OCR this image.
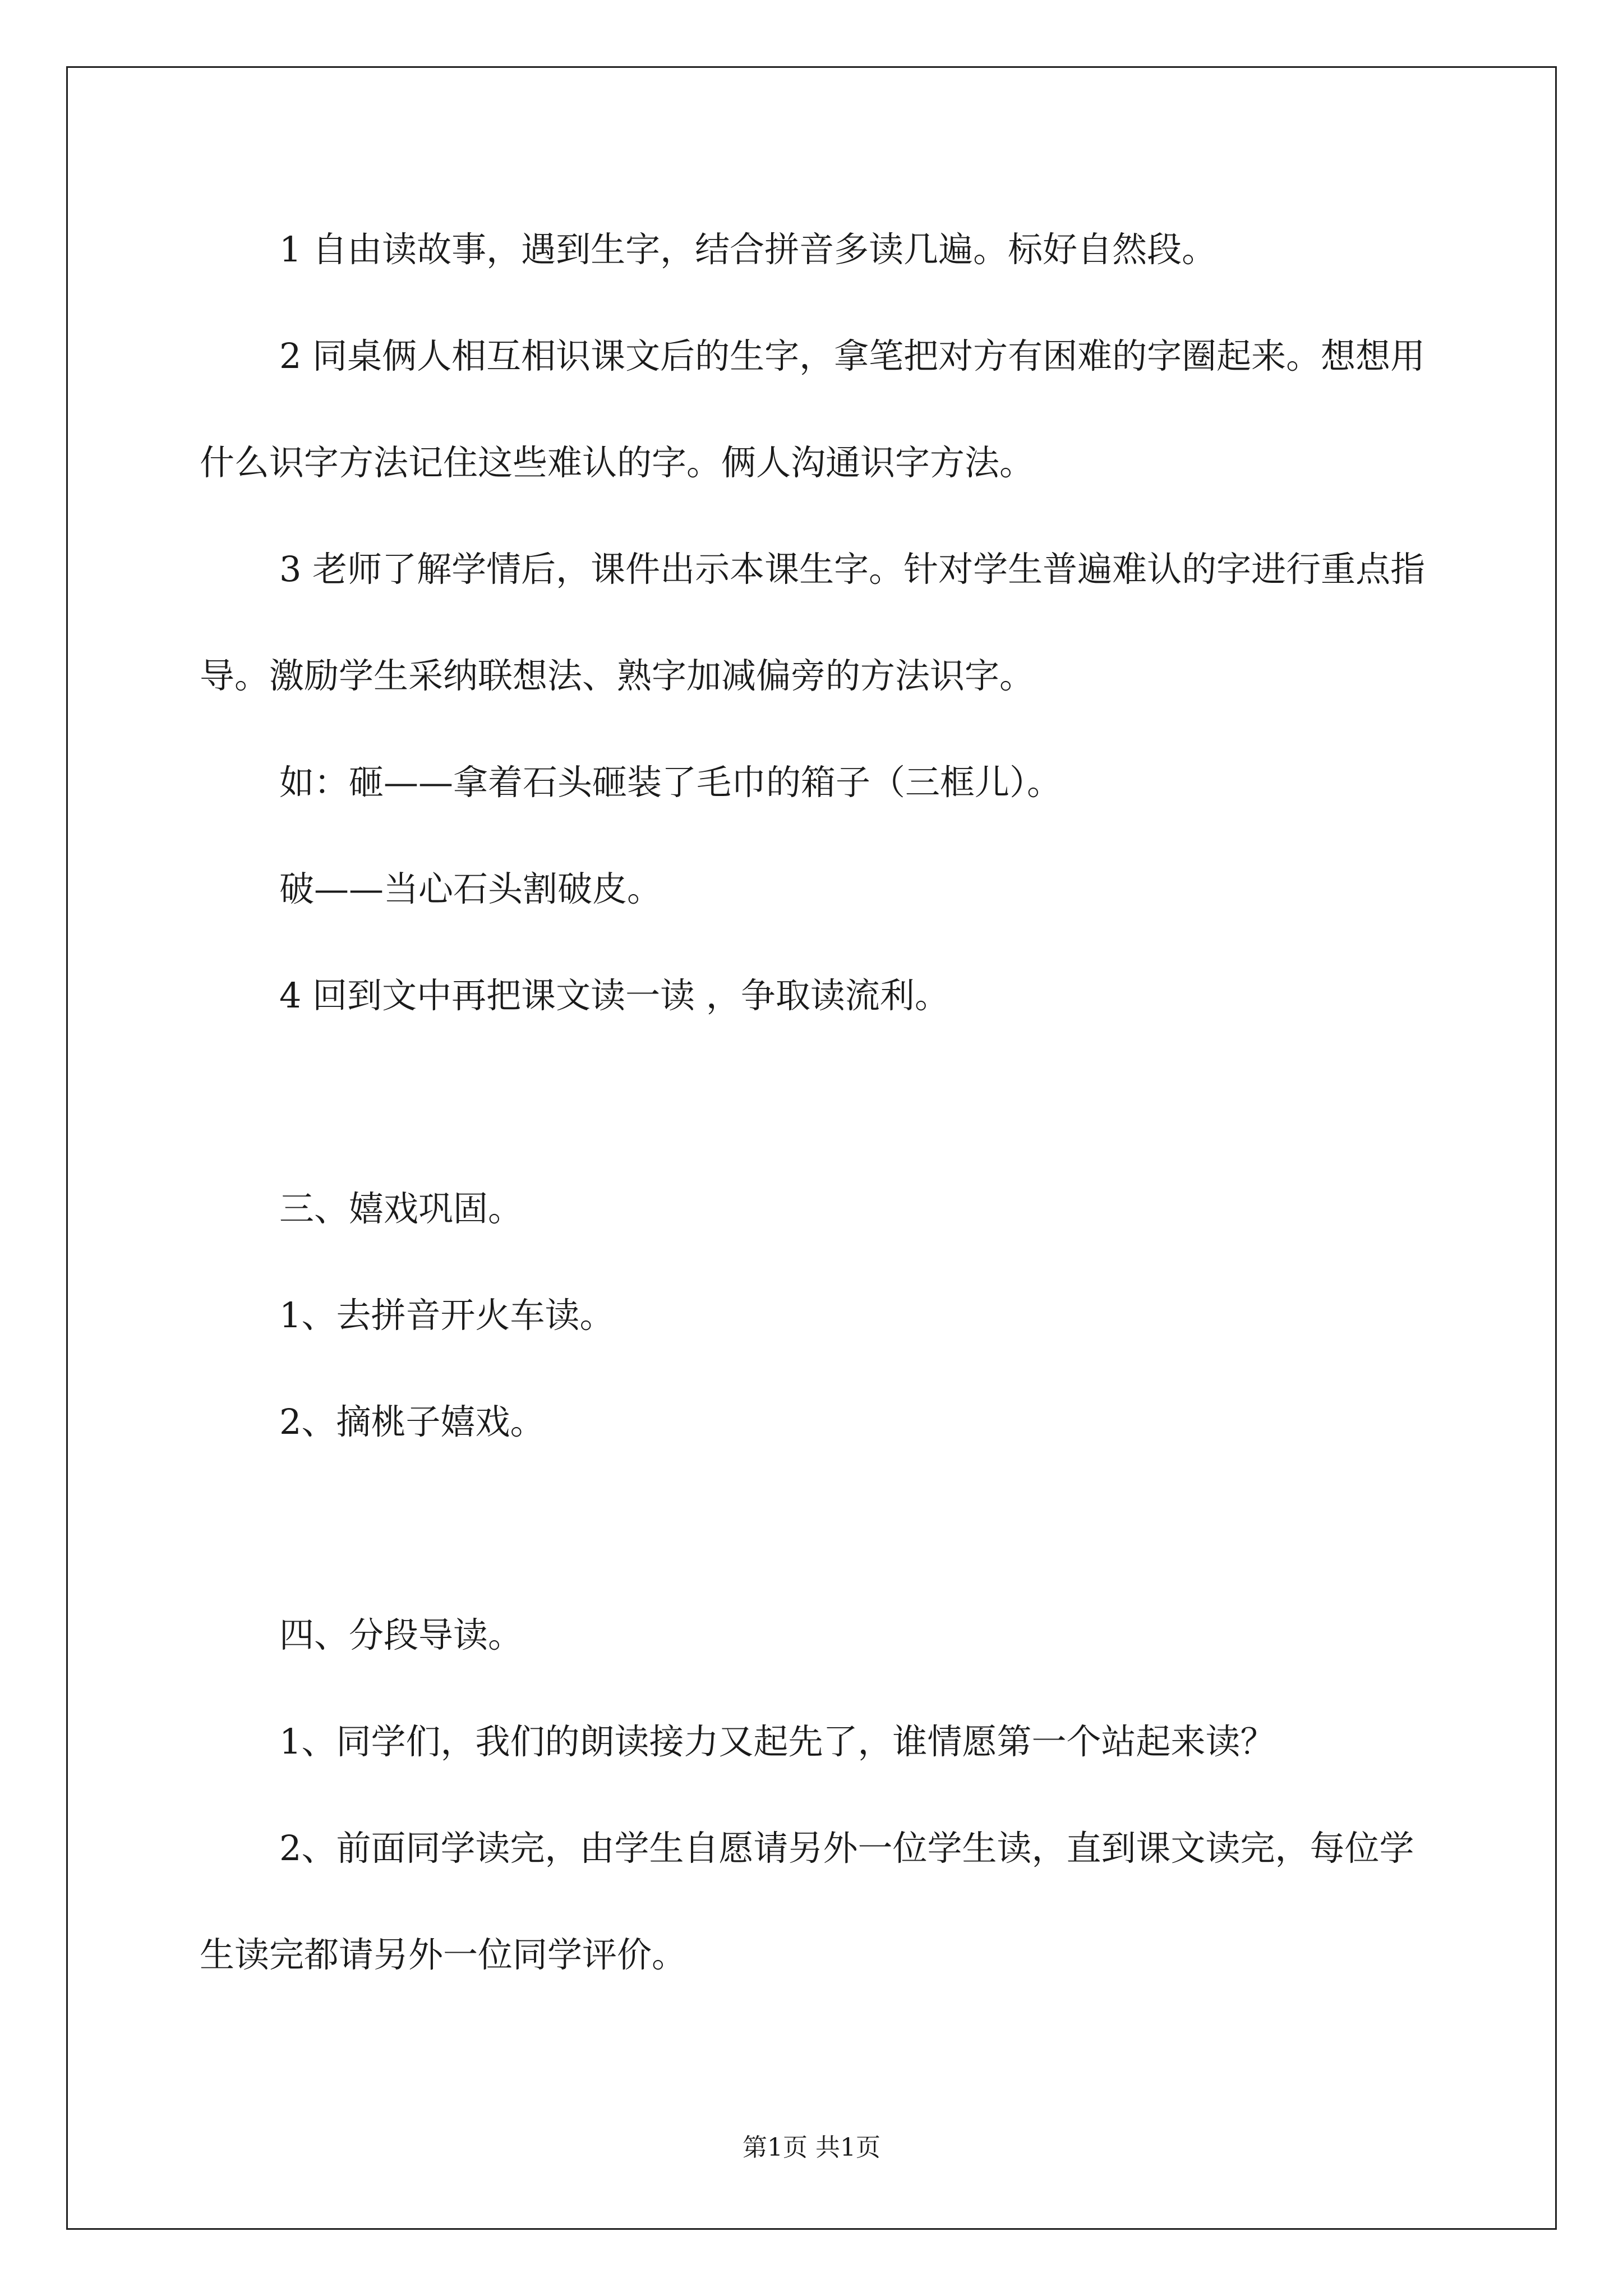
1 自由读故事，遇到生字，结合拼音多读几遍。标好自然段。

2 同桌俩人相互相识课文后的生字，拿笔把对方有困难的字圈起来。想想用什么识字方法记住这些难认的字。俩人沟通识字方法。

3 老师了解学情后，课件出示本课生字。针对学生普遍难认的字进行重点指导。激励学生采纳联想法、熟字加减偏旁的方法识字。

如：砸——拿着石头砸装了毛巾的箱子（三框儿）。

破——当心石头割破皮。

4 回到文中再把课文读一读 ，争取读流利。

三、嬉戏巩固。

1、去拼音开火车读。

2、摘桃子嬉戏。

四、分段导读。

1、同学们，我们的朗读接力又起先了，谁情愿第一个站起来读？

2、前面同学读完，由学生自愿请另外一位学生读，直到课文读完，每位学生读完都请另外一位同学评价。

第1页 共1页
